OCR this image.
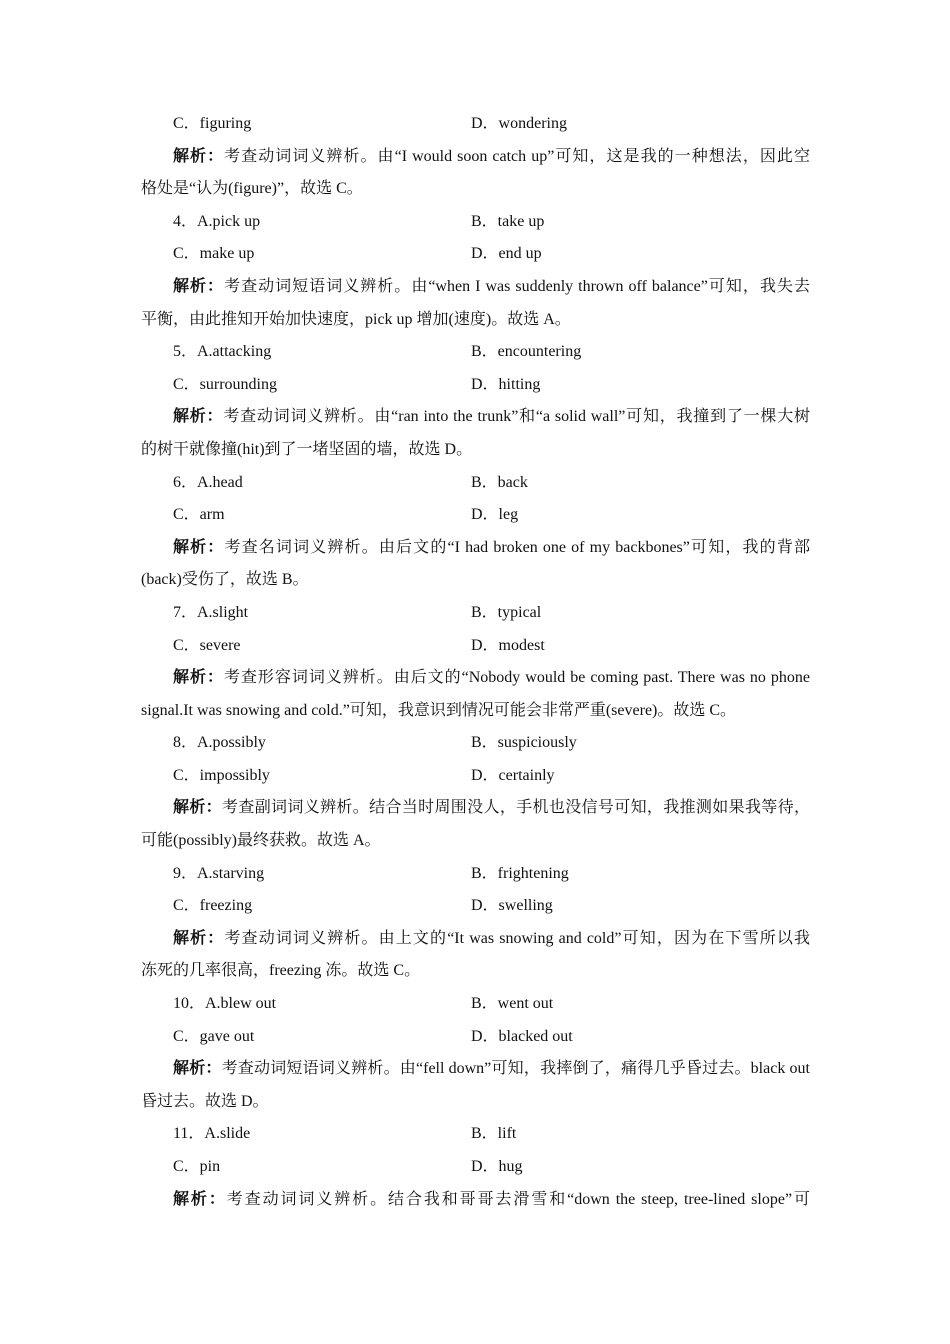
C．figuring	D．wondering
解析：考查动词词义辨析。由“I would soon catch up”可知，这是我的一种想法，因此空
格处是“认为(figure)”，故选 C。
4．A.pick up	B．take up
C．make up	D．end up
解析：考查动词短语词义辨析。由“when I was suddenly thrown off balance”可知，我失去
平衡，由此推知开始加快速度，pick up 增加(速度)。故选 A。
5．A.attacking	B．encountering
C．surrounding	D．hitting
解析：考查动词词义辨析。由“ran into the trunk”和“a solid wall”可知，我撞到了一棵大树
的树干就像撞(hit)到了一堵坚固的墙，故选 D。
6．A.head	B．back
C．arm	D．leg
解析：考查名词词义辨析。由后文的“I had broken one of my backbones”可知，我的背部
(back)受伤了，故选 B。
7．A.slight	B．typical
C．severe	D．modest
解析：考查形容词词义辨析。由后文的“Nobody would be coming past. There was no phone
signal.It was snowing and cold.”可知，我意识到情况可能会非常严重(severe)。故选 C。
8．A.possibly	B．suspiciously
C．impossibly	D．certainly
解析：考查副词词义辨析。结合当时周围没人，手机也没信号可知，我推测如果我等待，
可能(possibly)最终获救。故选 A。
9．A.starving	B．frightening
C．freezing	D．swelling
解析：考查动词词义辨析。由上文的“It was snowing and cold”可知，因为在下雪所以我
冻死的几率很高，freezing 冻。故选 C。
10．A.blew out	B．went out
C．gave out	D．blacked out
解析：考查动词短语词义辨析。由“fell down”可知，我摔倒了，痛得几乎昏过去。black out
昏过去。故选 D。
11．A.slide	B．lift
C．pin	D．hug
解析：考查动词词义辨析。结合我和哥哥去滑雪和“down the steep, tree-lined slope”可
